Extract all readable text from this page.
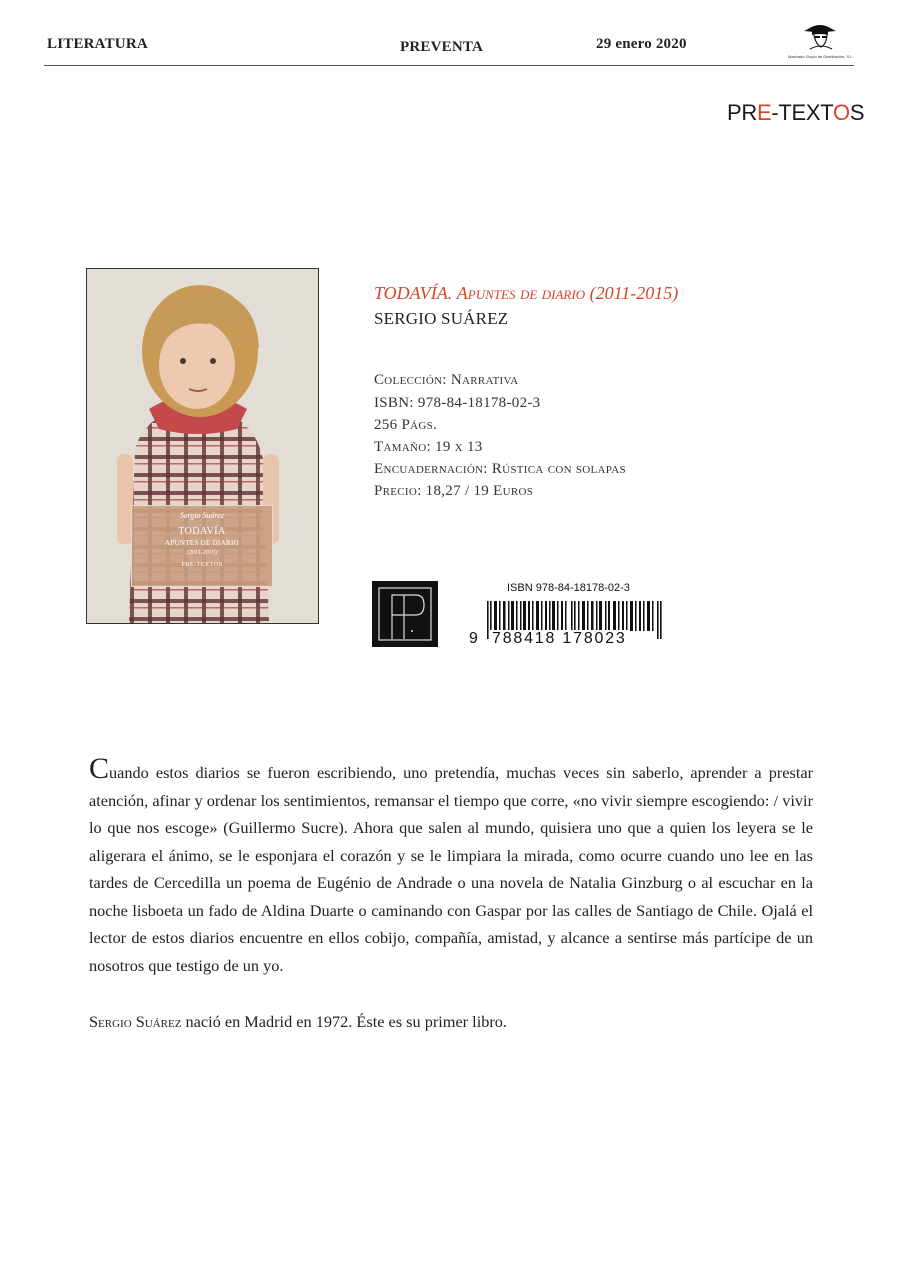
LITERATURA	PREVENTA	29 enero 2020
Machado Grupo de Distribución, S.L.
PRE-TEXTOS
Sergio Suárez
TODAVÍA
APUNTES DE DIARIO
(2011-2015)
PRE-TEXTOS
TODAVÍA. Apuntes de diario (2011-2015)
SERGIO SUÁREZ
Colección: Narrativa
ISBN: 978-84-18178-02-3
256 Págs.
Tamaño: 19 x 13
Encuadernación: Rústica con solapas
Precio: 18,27 / 19 Euros
ISBN 978-84-18178-02-3
9 788418 178023
Cuando estos diarios se fueron escribiendo, uno pretendía, muchas veces sin saberlo, aprender a prestar atención, afinar y ordenar los sentimientos, remansar el tiempo que corre, «no vivir siempre escogiendo: / vivir lo que nos escoge» (Guillermo Sucre). Ahora que salen al mundo, quisiera uno que a quien los leyera se le aligerara el ánimo, se le esponjara el corazón y se le limpiara la mirada, como ocurre cuando uno lee en las tardes de Cercedilla un poema de Eugénio de Andrade o una novela de Natalia Ginzburg o al escuchar en la noche lisboeta un fado de Aldina Duarte o caminando con Gaspar por las calles de Santiago de Chile. Ojalá el lector de estos diarios encuentre en ellos cobijo, compañía, amistad, y alcance a sentirse más partícipe de un nosotros que testigo de un yo.
Sergio Suárez nació en Madrid en 1972. Éste es su primer libro.
